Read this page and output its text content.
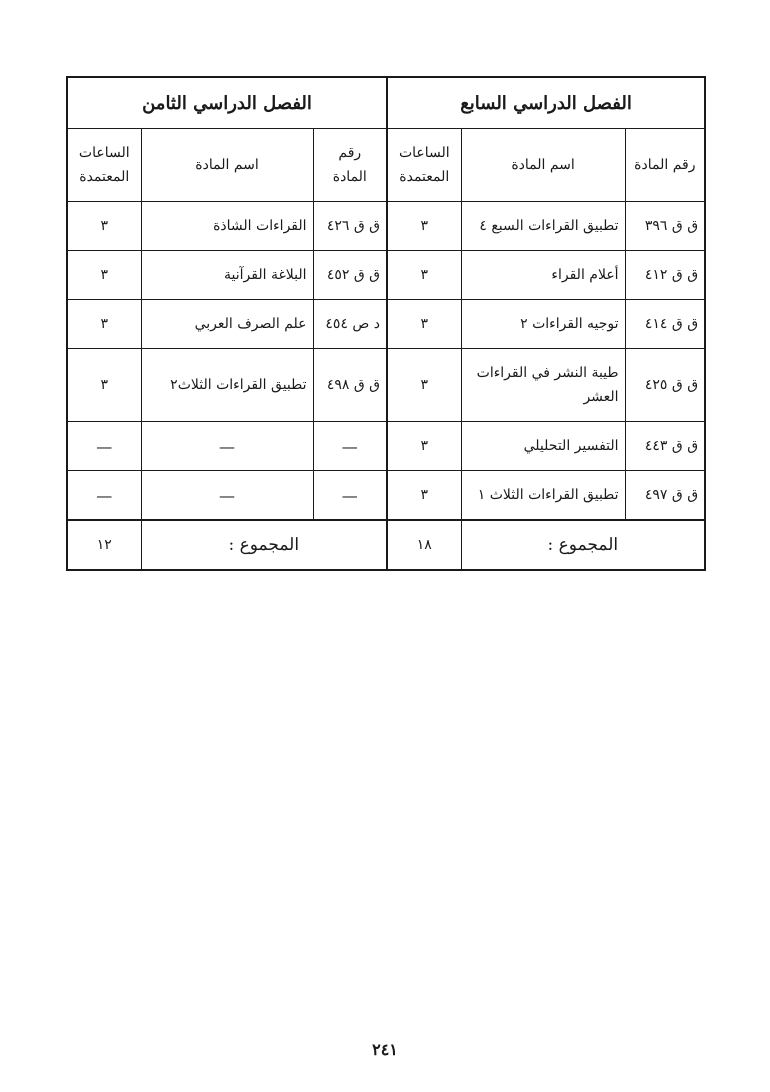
الفصل الدراسي السابع			الفصل الدراسي الثامن		
رقم المادة	اسم المادة	الساعات المعتمدة	رقم المادة	اسم المادة	الساعات المعتمدة
ق ق ٣٩٦	تطبيق القراءات السبع ٤	٣	ق ق ٤٢٦	القراءات الشاذة	٣
ق ق ٤١٢	أعلام القراء	٣	ق ق ٤٥٢	البلاغة القرآنية	٣
ق ق ٤١٤	توجيه القراءات ٢	٣	د ص ٤٥٤	علم الصرف العربي	٣
ق ق ٤٢٥	طيبة النشر في القراءات العشر	٣	ق ق ٤٩٨	تطبيق القراءات الثلاث٢	٣
ق ق ٤٤٣	التفسير التحليلي	٣	—	—	—
ق ق ٤٩٧	تطبيق القراءات الثلاث ١	٣	—	—	—
المجموع :		١٨	المجموع :		١٢
٢٤١
